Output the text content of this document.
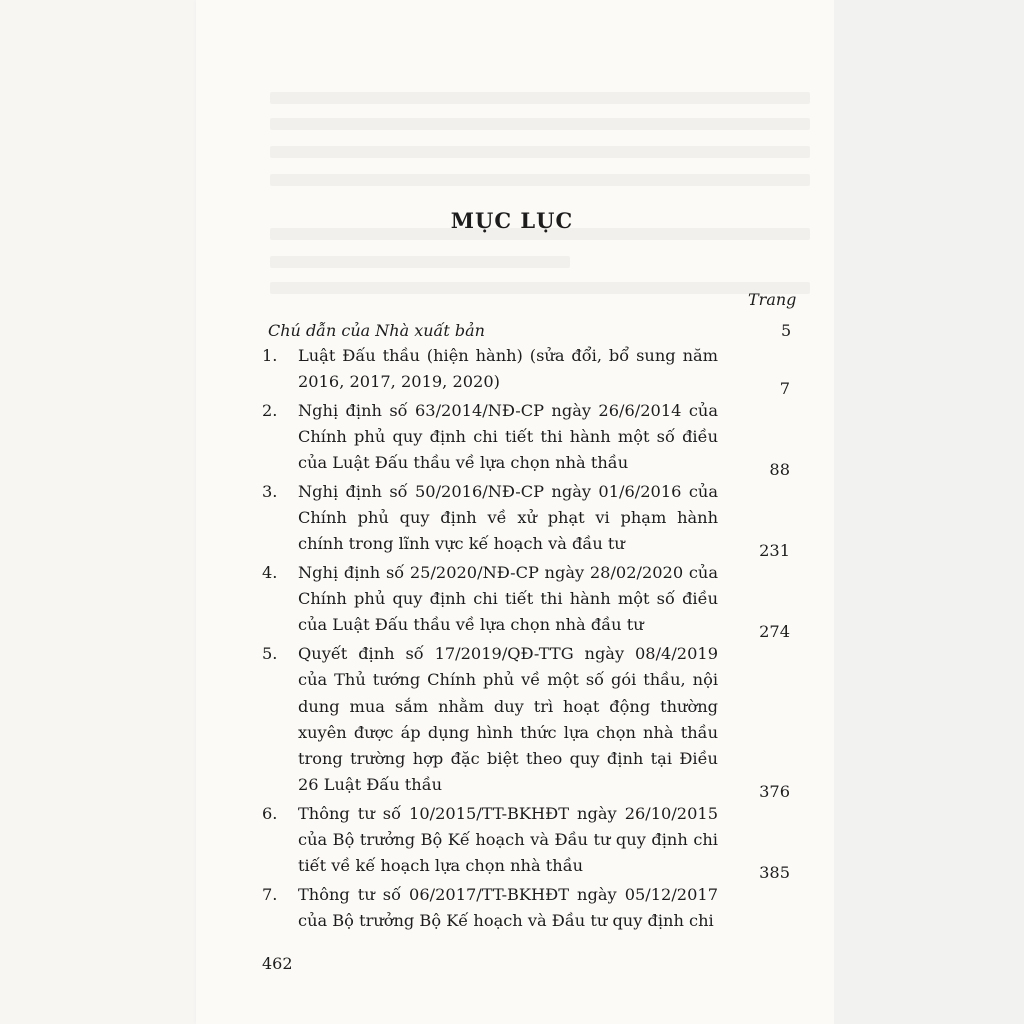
MỤC LỤC
Trang
Chú dẫn của Nhà xuất bản	5
1. Luật Đấu thầu (hiện hành) (sửa đổi, bổ sung năm
2016, 2017, 2019, 2020)	7
2. Nghị định số 63/2014/NĐ-CP ngày 26/6/2014 của
Chính phủ quy định chi tiết thi hành một số điều
của Luật Đấu thầu về lựa chọn nhà thầu	88
3. Nghị định số 50/2016/NĐ-CP ngày 01/6/2016 của
Chính phủ quy định về xử phạt vi phạm hành
chính trong lĩnh vực kế hoạch và đầu tư	231
4. Nghị định số 25/2020/NĐ-CP ngày 28/02/2020 của
Chính phủ quy định chi tiết thi hành một số điều
của Luật Đấu thầu về lựa chọn nhà đầu tư	274
5. Quyết định số 17/2019/QĐ-TTG ngày 08/4/2019
của Thủ tướng Chính phủ về một số gói thầu, nội
dung mua sắm nhằm duy trì hoạt động thường
xuyên được áp dụng hình thức lựa chọn nhà thầu
trong trường hợp đặc biệt theo quy định tại Điều
26 Luật Đấu thầu	376
6. Thông tư số 10/2015/TT-BKHĐT ngày 26/10/2015
của Bộ trưởng Bộ Kế hoạch và Đầu tư quy định chi
tiết về kế hoạch lựa chọn nhà thầu	385
7. Thông tư số 06/2017/TT-BKHĐT ngày 05/12/2017
của Bộ trưởng Bộ Kế hoạch và Đầu tư quy định chi
462
